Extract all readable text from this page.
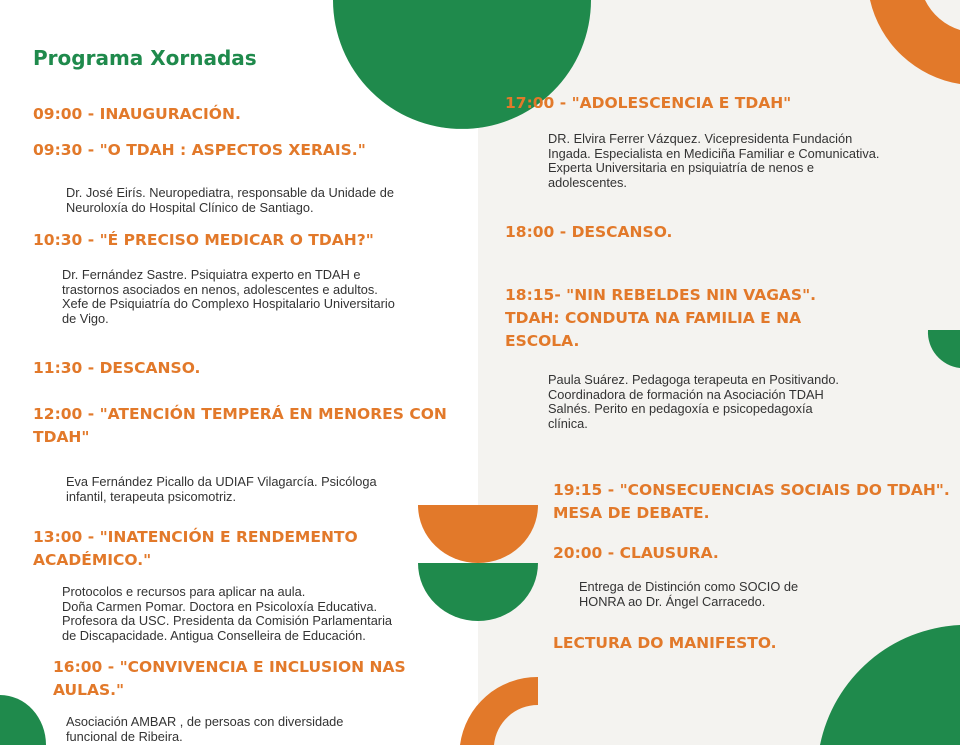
Programa Xornadas
09:00 - INAUGURACIÓN.
09:30 - "O TDAH : ASPECTOS XERAIS."
Dr. José Eirís. Neuropediatra, responsable da Unidade de
Neuroloxía do Hospital Clínico de Santiago.
10:30 - "É PRECISO MEDICAR O TDAH?"
Dr. Fernández Sastre. Psiquiatra experto en TDAH e
trastornos asociados en nenos, adolescentes e adultos.
Xefe de Psiquiatría do Complexo Hospitalario Universitario
de Vigo.
11:30 - DESCANSO.
12:00 - "ATENCIÓN TEMPERÁ EN MENORES CON
TDAH"
Eva Fernández Picallo da UDIAF Vilagarcía. Psicóloga
infantil, terapeuta psicomotriz.
13:00 - "INATENCIÓN E RENDEMENTO
ACADÉMICO."
Protocolos e recursos para aplicar na aula.
Doña Carmen Pomar. Doctora en Psicoloxía Educativa.
Profesora da USC. Presidenta da Comisión Parlamentaria
de Discapacidade. Antigua Conselleira de Educación.
16:00 - "CONVIVENCIA E INCLUSION NAS
AULAS."
Asociación AMBAR , de persoas con diversidade
funcional de Ribeira.
17:00 - "ADOLESCENCIA E TDAH"
DR. Elvira Ferrer Vázquez. Vicepresidenta Fundación
Ingada. Especialista en Mediciña Familiar e Comunicativa.
Experta Universitaria en psiquiatría de nenos e
adolescentes.
18:00 - DESCANSO.
18:15- "NIN REBELDES NIN VAGAS".
TDAH: CONDUTA NA FAMILIA E NA
ESCOLA.
Paula Suárez. Pedagoga terapeuta en Positivando.
Coordinadora de formación na Asociación TDAH
Salnés. Perito en pedagoxía e psicopedagoxía
clínica.
19:15 - "CONSECUENCIAS SOCIAIS DO TDAH".
MESA DE DEBATE.
20:00 - CLAUSURA.
Entrega de Distinción como SOCIO de
HONRA ao Dr. Ángel Carracedo.
LECTURA DO MANIFESTO.
